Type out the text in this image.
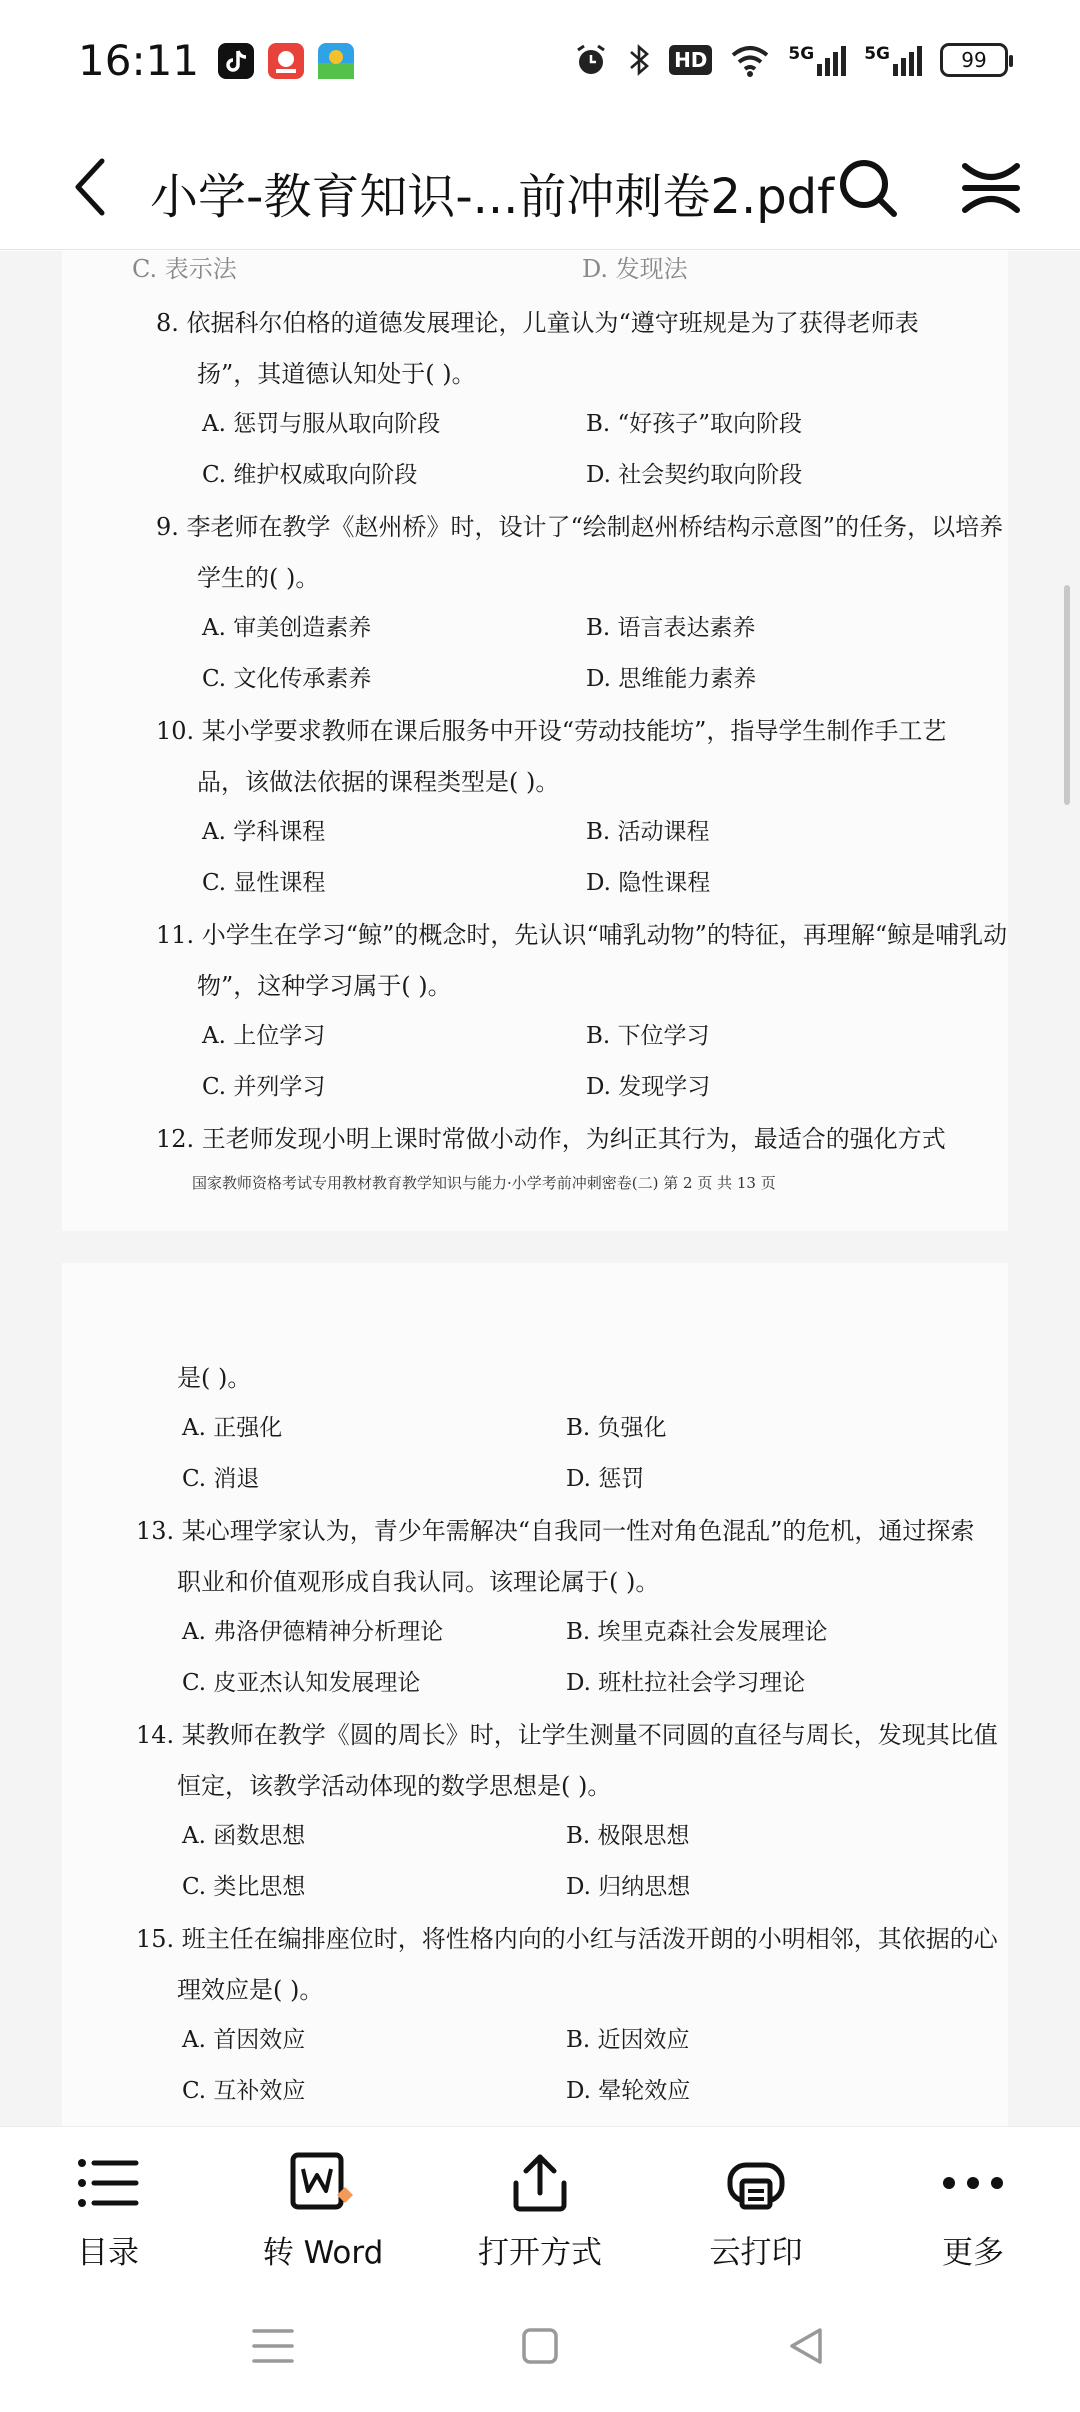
16:11	HD	5G	5G	99
小学-教育知识-...前冲刺卷2.pdf
C. 表示法	D. 发现法
8. 依据科尔伯格的道德发展理论，儿童认为“遵守班规是为了获得老师表
扬”，其道德认知处于( )。
A. 惩罚与服从取向阶段	B. “好孩子”取向阶段
C. 维护权威取向阶段	D. 社会契约取向阶段
9. 李老师在教学《赵州桥》时，设计了“绘制赵州桥结构示意图”的任务，以培养
学生的( )。
A. 审美创造素养	B. 语言表达素养
C. 文化传承素养	D. 思维能力素养
10. 某小学要求教师在课后服务中开设“劳动技能坊”，指导学生制作手工艺
品，该做法依据的课程类型是( )。
A. 学科课程	B. 活动课程
C. 显性课程	D. 隐性课程
11. 小学生在学习“鲸”的概念时，先认识“哺乳动物”的特征，再理解“鲸是哺乳动
物”，这种学习属于( )。
A. 上位学习	B. 下位学习
C. 并列学习	D. 发现学习
12. 王老师发现小明上课时常做小动作，为纠正其行为，最适合的强化方式
国家教师资格考试专用教材教育教学知识与能力·小学考前冲刺密卷(二) 第 2 页 共 13 页
是( )。
A. 正强化	B. 负强化
C. 消退	D. 惩罚
13. 某心理学家认为，青少年需解决“自我同一性对角色混乱”的危机，通过探索
职业和价值观形成自我认同。该理论属于( )。
A. 弗洛伊德精神分析理论	B. 埃里克森社会发展理论
C. 皮亚杰认知发展理论	D. 班杜拉社会学习理论
14. 某教师在教学《圆的周长》时，让学生测量不同圆的直径与周长，发现其比值
恒定，该教学活动体现的数学思想是( )。
A. 函数思想	B. 极限思想
C. 类比思想	D. 归纳思想
15. 班主任在编排座位时，将性格内向的小红与活泼开朗的小明相邻，其依据的心
理效应是( )。
A. 首因效应	B. 近因效应
C. 互补效应	D. 晕轮效应
目录	转 Word	打开方式	云打印	更多
